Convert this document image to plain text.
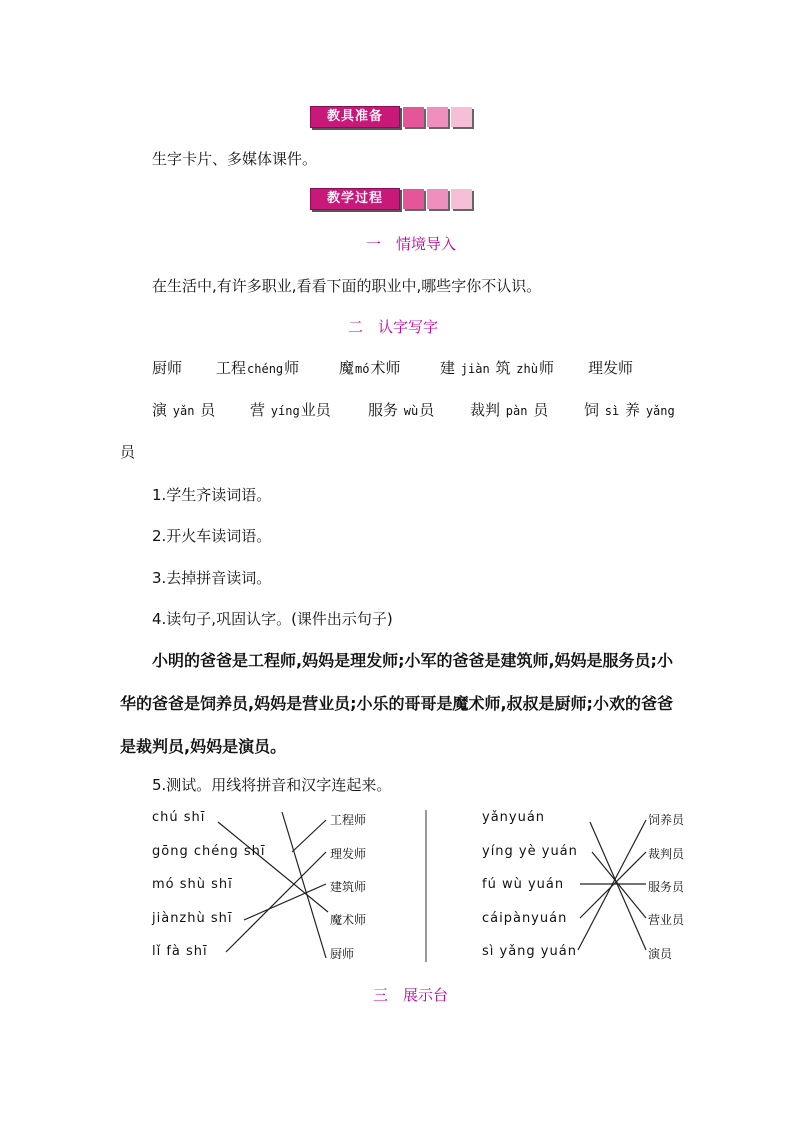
教具准备
生字卡片、多媒体课件。
教学过程
一　情境导入
在生活中,有许多职业,看看下面的职业中,哪些字你不认识。
二　认字写字
厨师 工程chéng师	魔mó术师	建 jiàn 筑 zhù师 理发师
演 yǎn 员 营 yíng业员 服务 wù员 裁判 pàn 员 饲 sì 养 yǎng
员
1.学生齐读词语。
2.开火车读词语。
3.去掉拼音读词。
4.读句子,巩固认字。(课件出示句子)
小明的爸爸是工程师,妈妈是理发师;小军的爸爸是建筑师,妈妈是服务员;小
华的爸爸是饲养员,妈妈是营业员;小乐的哥哥是魔术师,叔叔是厨师;小欢的爸爸
是裁判员,妈妈是演员。
5.测试。用线将拼音和汉字连起来。
chú shī
gōng chéng shī
mó shù shī
jiànzhù shī
lǐ fà shī
工程师
理发师
建筑师
魔术师
厨师
yǎnyuán
yíng yè yuán
fú wù yuán
cáipànyuán
sì yǎng yuán
饲养员
裁判员
服务员
营业员
演员
三　展示台
